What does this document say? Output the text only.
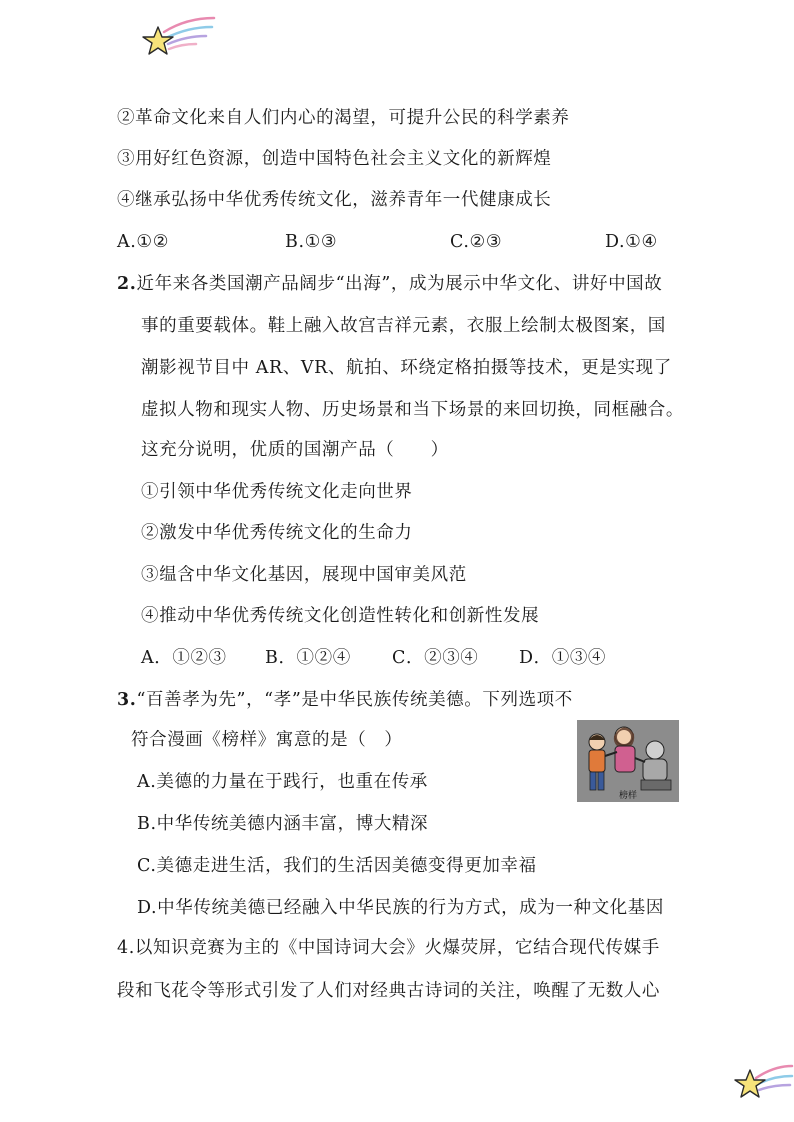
②革命文化来自人们内心的渴望，可提升公民的科学素养
③用好红色资源，创造中国特色社会主义文化的新辉煌
④继承弘扬中华优秀传统文化，滋养青年一代健康成长
A.①②	B.①③	C.②③	D.①④
2.近年来各类国潮产品阔步“出海”，成为展示中华文化、讲好中国故
事的重要载体。鞋上融入故宫吉祥元素，衣服上绘制太极图案，国
潮影视节目中 AR、VR、航拍、环绕定格拍摄等技术，更是实现了
虚拟人物和现实人物、历史场景和当下场景的来回切换，同框融合。
这充分说明，优质的国潮产品（　　）
①引领中华优秀传统文化走向世界
②激发中华优秀传统文化的生命力
③缊含中华文化基因，展现中国审美风范
④推动中华优秀传统文化创造性转化和创新性发展
A．①②③ B．①②④ C．②③④ D．①③④
3.“百善孝为先”，“孝”是中华民族传统美德。下列选项不
符合漫画《榜样》寓意的是（　）
榜样
A.美德的力量在于践行，也重在传承
B.中华传统美德内涵丰富，博大精深
C.美德走进生活，我们的生活因美德变得更加幸福
D.中华传统美德已经融入中华民族的行为方式，成为一种文化基因
4.以知识竞赛为主的《中国诗词大会》火爆荧屏，它结合现代传媒手
段和飞花令等形式引发了人们对经典古诗词的关注，唤醒了无数人心
